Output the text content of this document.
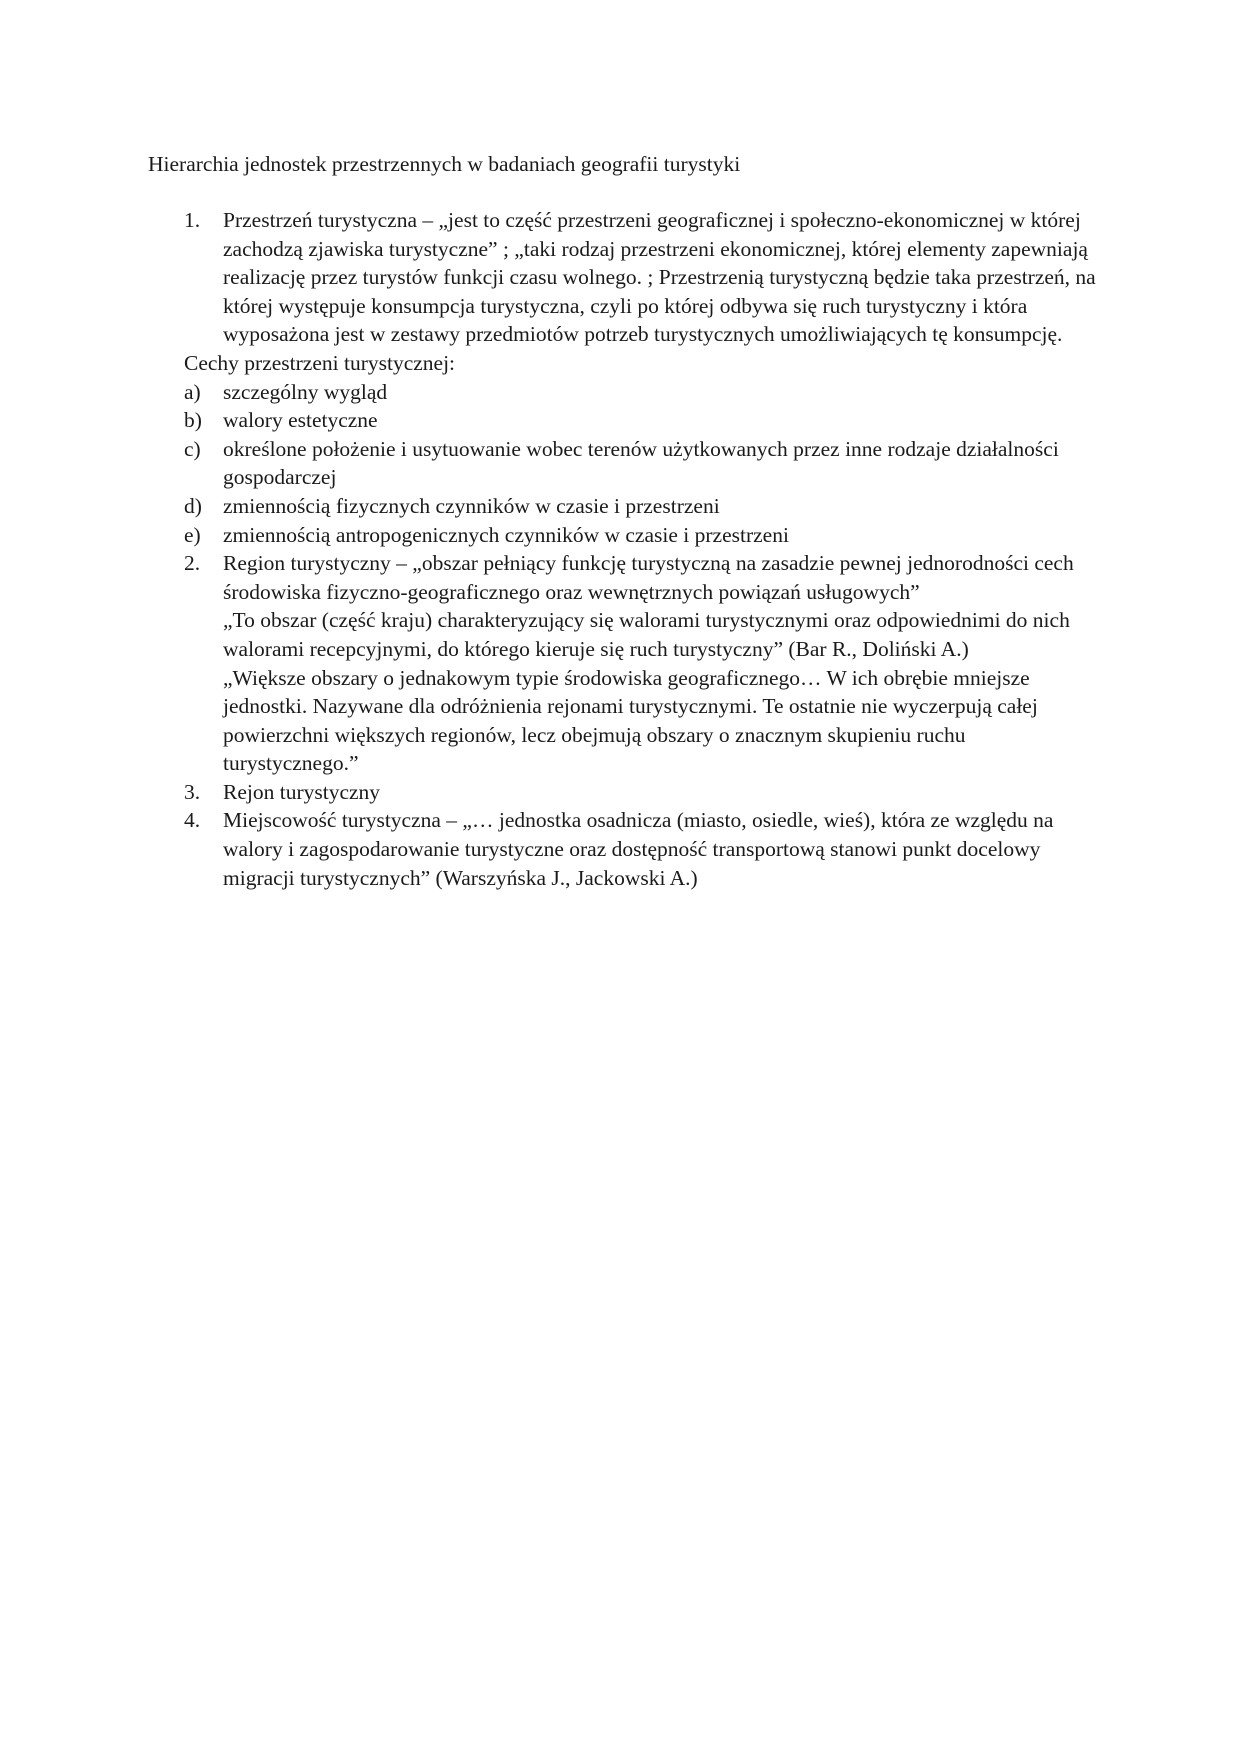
Hierarchia jednostek przestrzennych w badaniach geografii turystyki
1. Przestrzeń turystyczna – „jest to część przestrzeni geograficznej i społeczno-ekonomicznej w której zachodzą zjawiska turystyczne” ; „taki rodzaj przestrzeni ekonomicznej, której elementy zapewniają realizację przez turystów funkcji czasu wolnego. ; Przestrzenią turystyczną będzie taka przestrzeń, na której występuje konsumpcja turystyczna, czyli po której odbywa się ruch turystyczny i która wyposażona jest w zestawy przedmiotów potrzeb turystycznych umożliwiających tę konsumpcję.

Cechy przestrzeni turystycznej:

a) szczególny wygląd

b) walory estetyczne

c) określone położenie i usytuowanie wobec terenów użytkowanych przez inne rodzaje działalności gospodarczej

d) zmiennością fizycznych czynników w czasie i przestrzeni

e) zmiennością antropogenicznych czynników w czasie i przestrzeni

2. Region turystyczny – „obszar pełniący funkcję turystyczną na zasadzie pewnej jednorodności cech środowiska fizyczno-geograficznego oraz wewnętrznych powiązań usługowych”

„To obszar (część kraju) charakteryzujący się walorami turystycznymi oraz odpowiednimi do nich walorami recepcyjnymi, do którego kieruje się ruch turystyczny” (Bar R., Doliński A.)

„Większe obszary o jednakowym typie środowiska geograficznego… W ich obrębie mniejsze jednostki. Nazywane dla odróżnienia rejonami turystycznymi. Te ostatnie nie wyczerpują całej powierzchni większych regionów, lecz obejmują obszary o znacznym skupieniu ruchu turystycznego.”

3. Rejon turystyczny

4. Miejscowość turystyczna – „… jednostka osadnicza (miasto, osiedle, wieś), która ze względu na walory i zagospodarowanie turystyczne oraz dostępność transportową stanowi punkt docelowy migracji turystycznych” (Warszyńska J., Jackowski A.)
